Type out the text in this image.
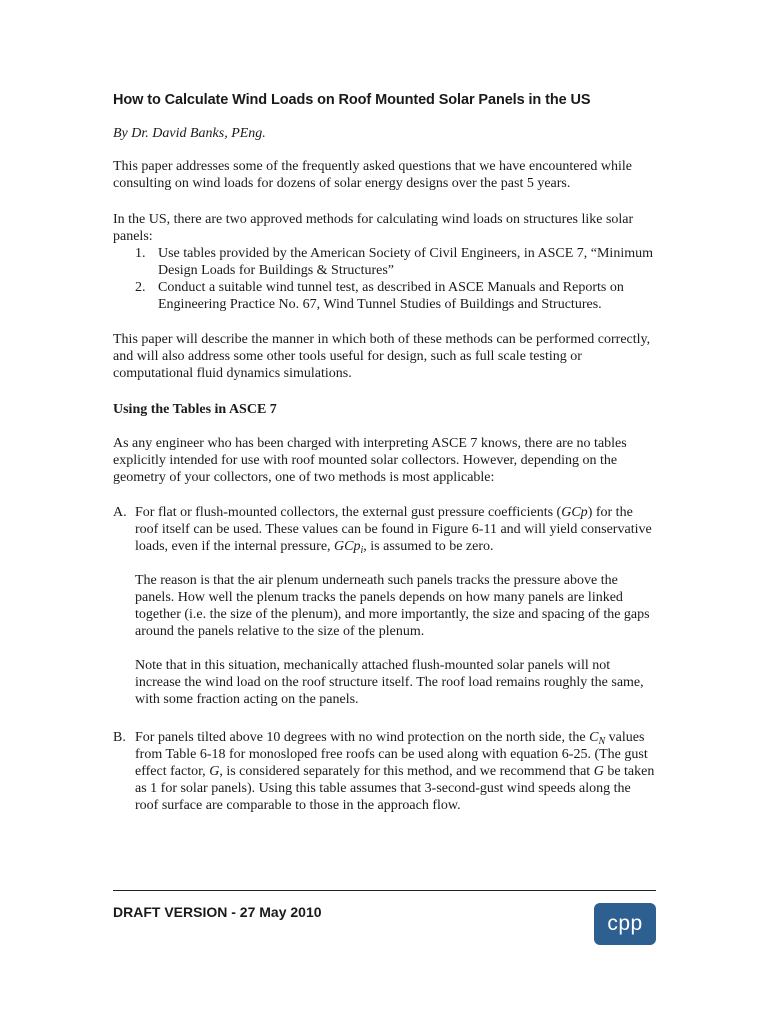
How to Calculate Wind Loads on Roof Mounted Solar Panels in the US
By Dr. David Banks, PEng.

This paper addresses some of the frequently asked questions that we have encountered while consulting on wind loads for dozens of solar energy designs over the past 5 years.

In the US, there are two approved methods for calculating wind loads on structures like solar panels:

1. Use tables provided by the American Society of Civil Engineers, in ASCE 7, “Minimum Design Loads for Buildings & Structures”
2. Conduct a suitable wind tunnel test, as described in ASCE Manuals and Reports on Engineering Practice No. 67, Wind Tunnel Studies of Buildings and Structures.

This paper will describe the manner in which both of these methods can be performed correctly, and will also address some other tools useful for design, such as full scale testing or computational fluid dynamics simulations.

Using the Tables in ASCE 7

As any engineer who has been charged with interpreting ASCE 7 knows, there are no tables explicitly intended for use with roof mounted solar collectors. However, depending on the geometry of your collectors, one of two methods is most applicable:

A. For flat or flush-mounted collectors, the external gust pressure coefficients (GCp) for the roof itself can be used. These values can be found in Figure 6-11 and will yield conservative loads, even if the internal pressure, GCp$_i$, is assumed to be zero.

The reason is that the air plenum underneath such panels tracks the pressure above the panels. How well the plenum tracks the panels depends on how many panels are linked together (i.e. the size of the plenum), and more importantly, the size and spacing of the gaps around the panels relative to the size of the plenum.

Note that in this situation, mechanically attached flush-mounted solar panels will not increase the wind load on the roof structure itself. The roof load remains roughly the same, with some fraction acting on the panels.

B. For panels tilted above 10 degrees with no wind protection on the north side, the $C_N$ values from Table 6-18 for monosloped free roofs can be used along with equation 6-25. (The gust effect factor, G, is considered separately for this method, and we recommend that G be taken as 1 for solar panels). Using this table assumes that 3-second-gust wind speeds along the roof surface are comparable to those in the approach flow.

DRAFT VERSION - 27 May 2010	cpp
